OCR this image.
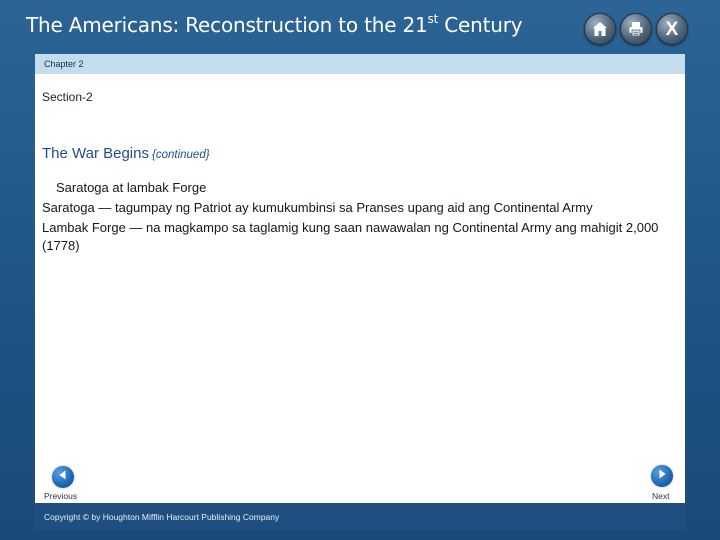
The Americans: Reconstruction to the 21st Century	X
Chapter 2
Section-2
The War Begins {continued}

Saratoga at lambak Forge

Saratoga — tagumpay ng Patriot ay kumukumbinsi sa Pranses upang aid ang Continental Army

Lambak Forge — na magkampo sa taglamig kung saan nawawalan ng Continental Army ang mahigit 2,000 (1778)

Previous	Next
Copyright © by Houghton Mifflin Harcourt Publishing Company
